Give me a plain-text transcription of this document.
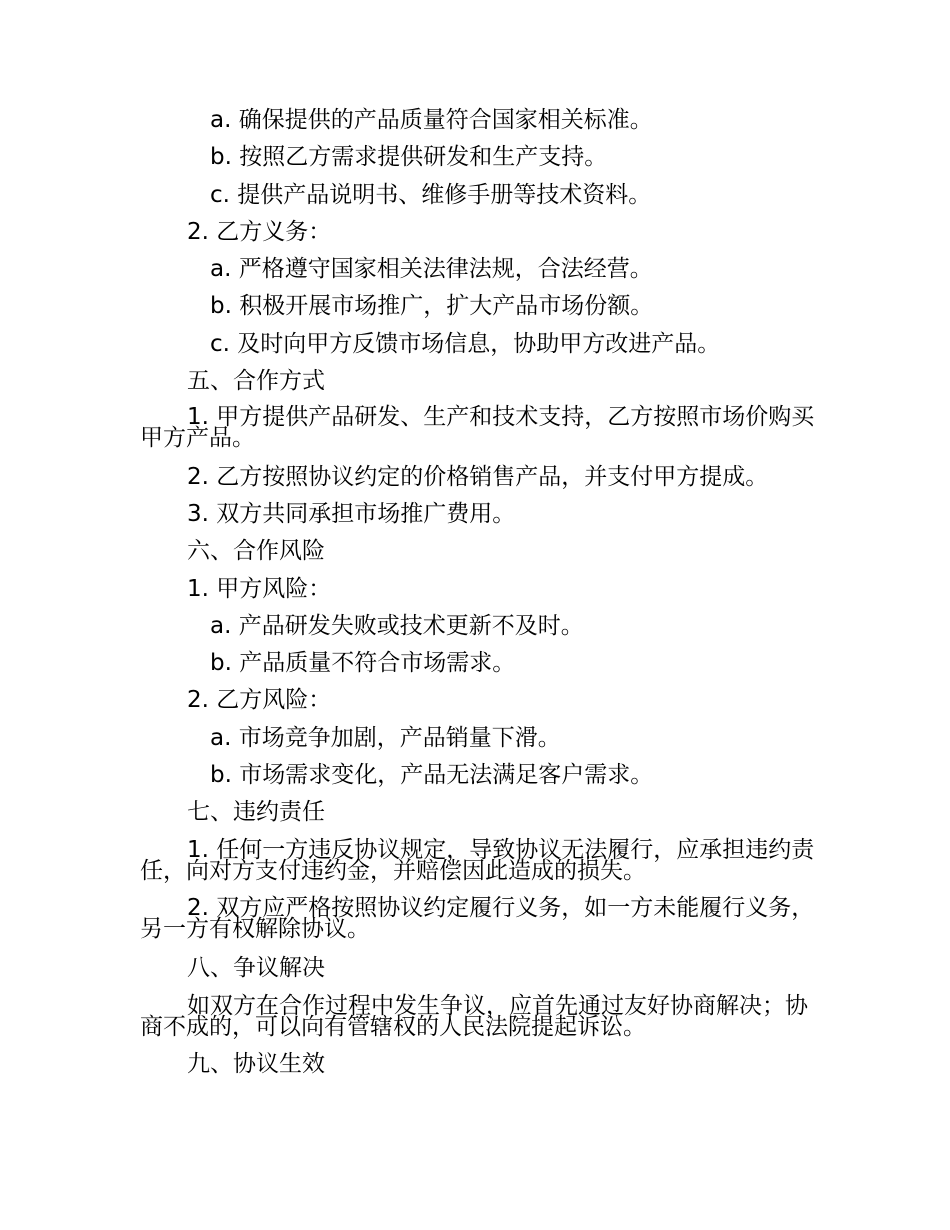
a. 确保提供的产品质量符合国家相关标准。
b. 按照乙方需求提供研发和生产支持。
c. 提供产品说明书、维修手册等技术资料。
2. 乙方义务：
a. 严格遵守国家相关法律法规，合法经营。
b. 积极开展市场推广，扩大产品市场份额。
c. 及时向甲方反馈市场信息，协助甲方改进产品。
五、合作方式
1. 甲方提供产品研发、生产和技术支持，乙方按照市场价购买甲方产品。
2. 乙方按照协议约定的价格销售产品，并支付甲方提成。
3. 双方共同承担市场推广费用。
六、合作风险
1. 甲方风险：
a. 产品研发失败或技术更新不及时。
b. 产品质量不符合市场需求。
2. 乙方风险：
a. 市场竞争加剧，产品销量下滑。
b. 市场需求变化，产品无法满足客户需求。
七、违约责任
1. 任何一方违反协议规定，导致协议无法履行，应承担违约责任，向对方支付违约金，并赔偿因此造成的损失。
2. 双方应严格按照协议约定履行义务，如一方未能履行义务，另一方有权解除协议。
八、争议解决
如双方在合作过程中发生争议，应首先通过友好协商解决；协商不成的，可以向有管辖权的人民法院提起诉讼。
九、协议生效
